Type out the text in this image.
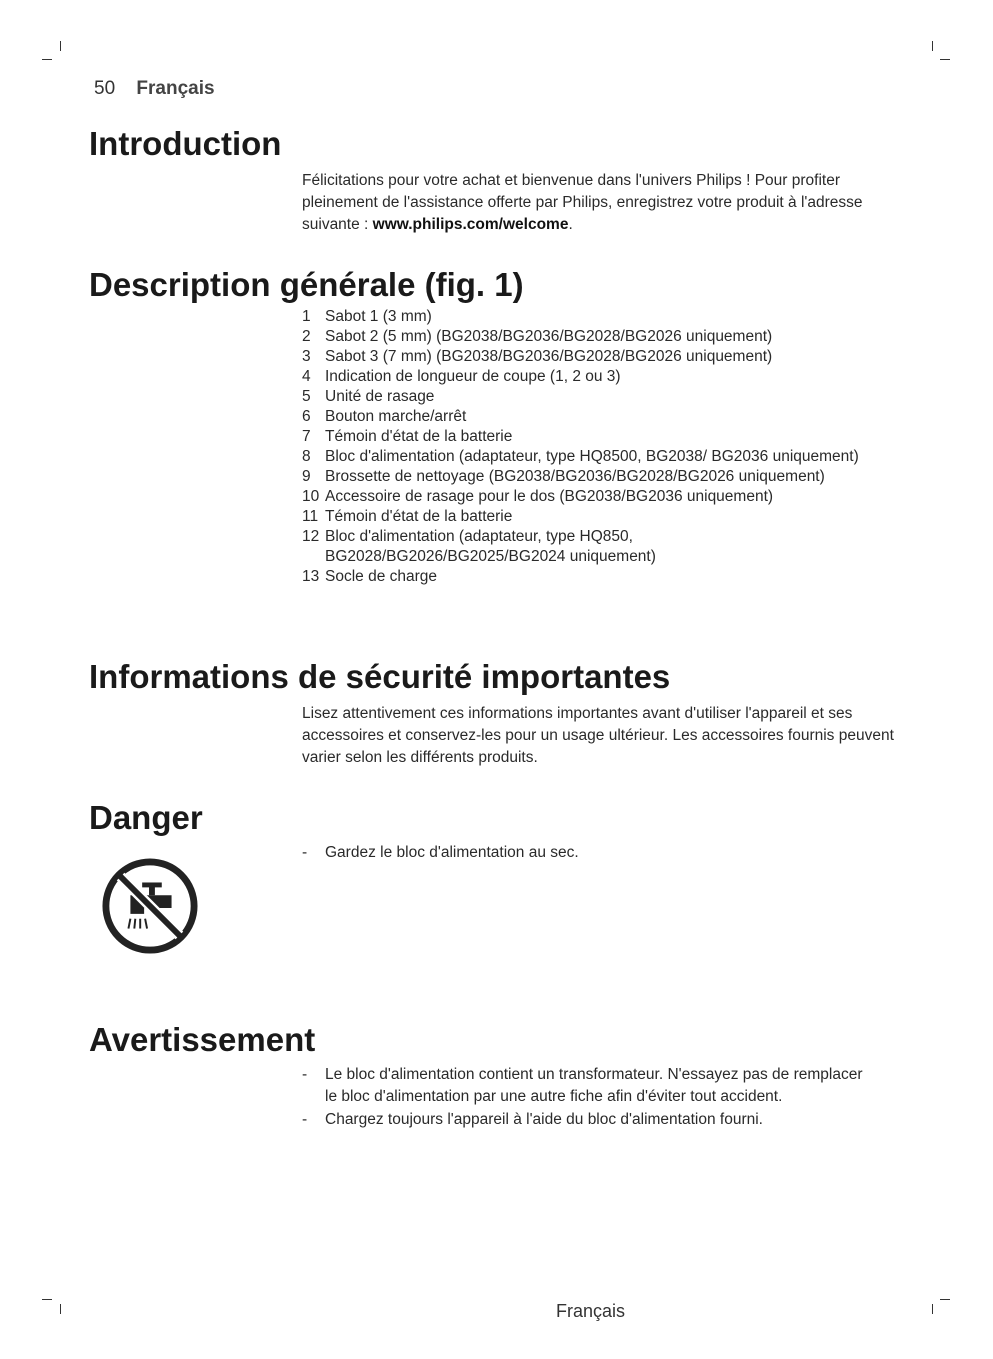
50 Français
Introduction

Félicitations pour votre achat et bienvenue dans l'univers Philips ! Pour profiter pleinement de l'assistance offerte par Philips, enregistrez votre produit à l'adresse suivante : www.philips.com/welcome.

Description générale (fig. 1)
1 Sabot 1 (3 mm)
2 Sabot 2 (5 mm) (BG2038/BG2036/BG2028/BG2026 uniquement)
3 Sabot 3 (7 mm) (BG2038/BG2036/BG2028/BG2026 uniquement)
4 Indication de longueur de coupe (1, 2 ou 3)
5 Unité de rasage
6 Bouton marche/arrêt
7 Témoin d'état de la batterie
8 Bloc d'alimentation (adaptateur, type HQ8500, BG2038/ BG2036 uniquement)
9 Brossette de nettoyage (BG2038/BG2036/BG2028/BG2026 uniquement)
10 Accessoire de rasage pour le dos (BG2038/BG2036 uniquement)
11 Témoin d'état de la batterie
12 Bloc d'alimentation (adaptateur, type HQ850, BG2028/BG2026/BG2025/BG2024 uniquement)
13 Socle de charge
Informations de sécurité importantes

Lisez attentivement ces informations importantes avant d'utiliser l'appareil et ses accessoires et conservez-les pour un usage ultérieur. Les accessoires fournis peuvent varier selon les différents produits.

Danger
-	Gardez le bloc d'alimentation au sec.
Avertissement
-	Le bloc d'alimentation contient un transformateur. N'essayez pas de remplacer le bloc d'alimentation par une autre fiche afin d'éviter tout accident.
-	Chargez toujours l'appareil à l'aide du bloc d'alimentation fourni.
Français
